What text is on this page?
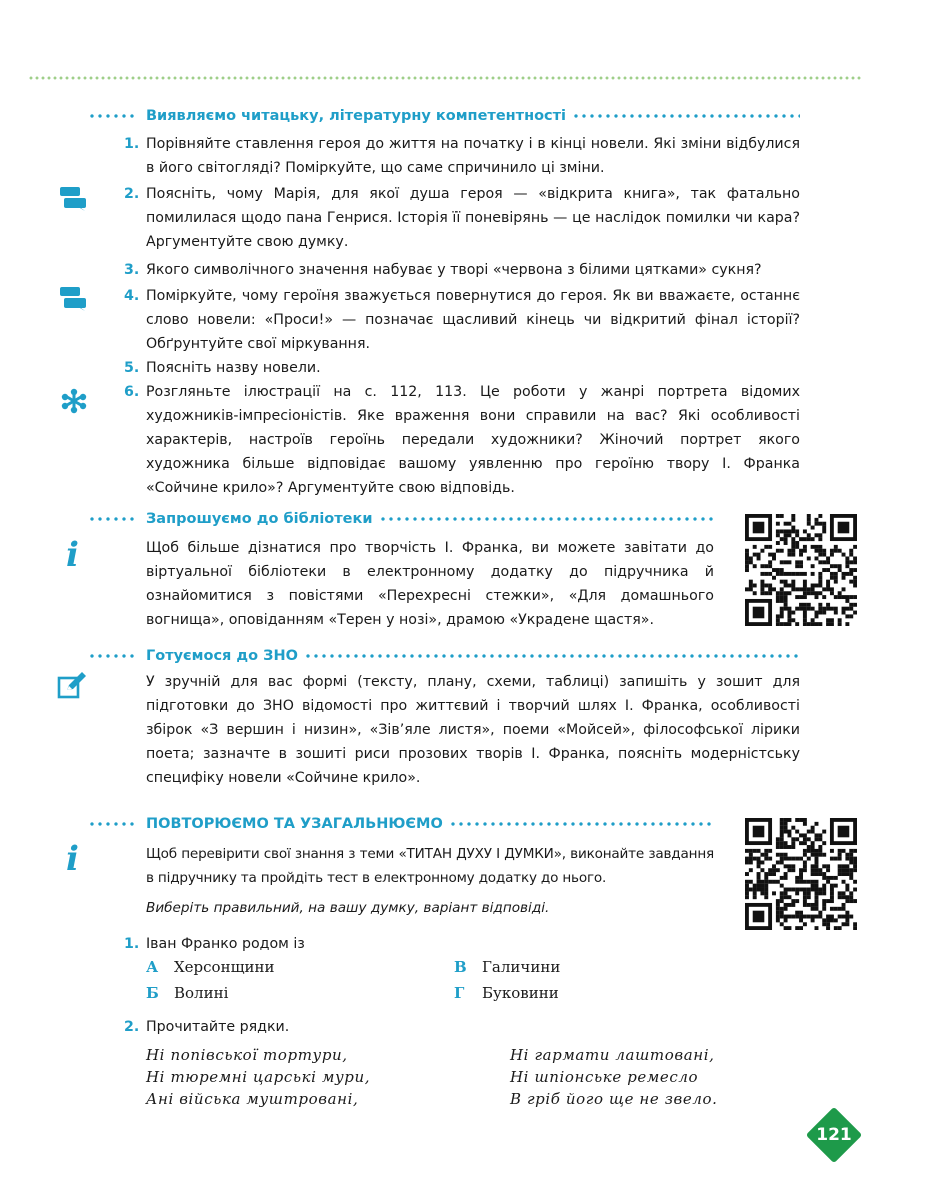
Виявляємо читацьку, літературну компетентності
1. Порівняйте ставлення героя до життя на початку і в кінці новели. Які зміни відбулися в його світогляді? Поміркуйте, що саме спричинило ці зміни.
2. Поясніть, чому Марія, для якої душа героя — «відкрита книга», так фатально помилилася щодо пана Генрися. Історія її поневірянь — це наслідок помилки чи кара? Аргументуйте свою думку.
3. Якого символічного значення набуває у творі «червона з білими цятками» сукня?
4. Поміркуйте, чому героїня зважується повернутися до героя. Як ви вважаєте, останнє слово новели: «Проси!» — позначає щасливий кінець чи відкритий фінал історії? Обґрунтуйте свої міркування.
5. Поясніть назву новели.
6. Розгляньте ілюстрації на с. 112, 113. Це роботи у жанрі портрета відомих художників-імпресіоністів. Яке враження вони справили на вас? Які особливості характерів, настроїв героїнь передали художники? Жіночий портрет якого художника більше відповідає вашому уявленню про героїню твору І. Франка «Сойчине крило»? Аргументуйте свою відповідь.
Запрошуємо до бібліотеки
i	Щоб більше дізнатися про творчість І. Франка, ви можете завітати до віртуальної бібліотеки в електронному додатку до підручника й ознайомитися з повістями «Перехресні стежки», «Для домашнього вогнища», оповіданням «Терен у нозі», драмою «Украдене щастя».
Готуємося до ЗНО
У зручній для вас формі (тексту, плану, схеми, таблиці) запишіть у зошит для підготовки до ЗНО відомості про життєвий і творчий шлях І. Франка, особливості збірок «З вершин і низин», «Зів’яле листя», поеми «Мойсей», філософської лірики поета; зазначте в зошиті риси прозових творів І. Франка, поясніть модерністську специфіку новели «Сойчине крило».
ПОВТОРЮЄМО ТА УЗАГАЛЬНЮЄМО
i	Щоб перевірити свої знання з теми «ТИТАН ДУХУ І ДУМКИ», виконайте завдання в підручнику та пройдіть тест в електронному додатку до нього.
Виберіть правильний, на вашу думку, варіант відповіді.
1. Іван Франко родом із
А Херсонщини
Б Волині
В Галичини
Г Буковини
2. Прочитайте рядки.
Ні попівської тортури,
Ні тюремні царські мури,
Ані війська муштровані,
Ні гармати лаштовані,
Ні шпіонське ремесло
В гріб його ще не звело.
121
